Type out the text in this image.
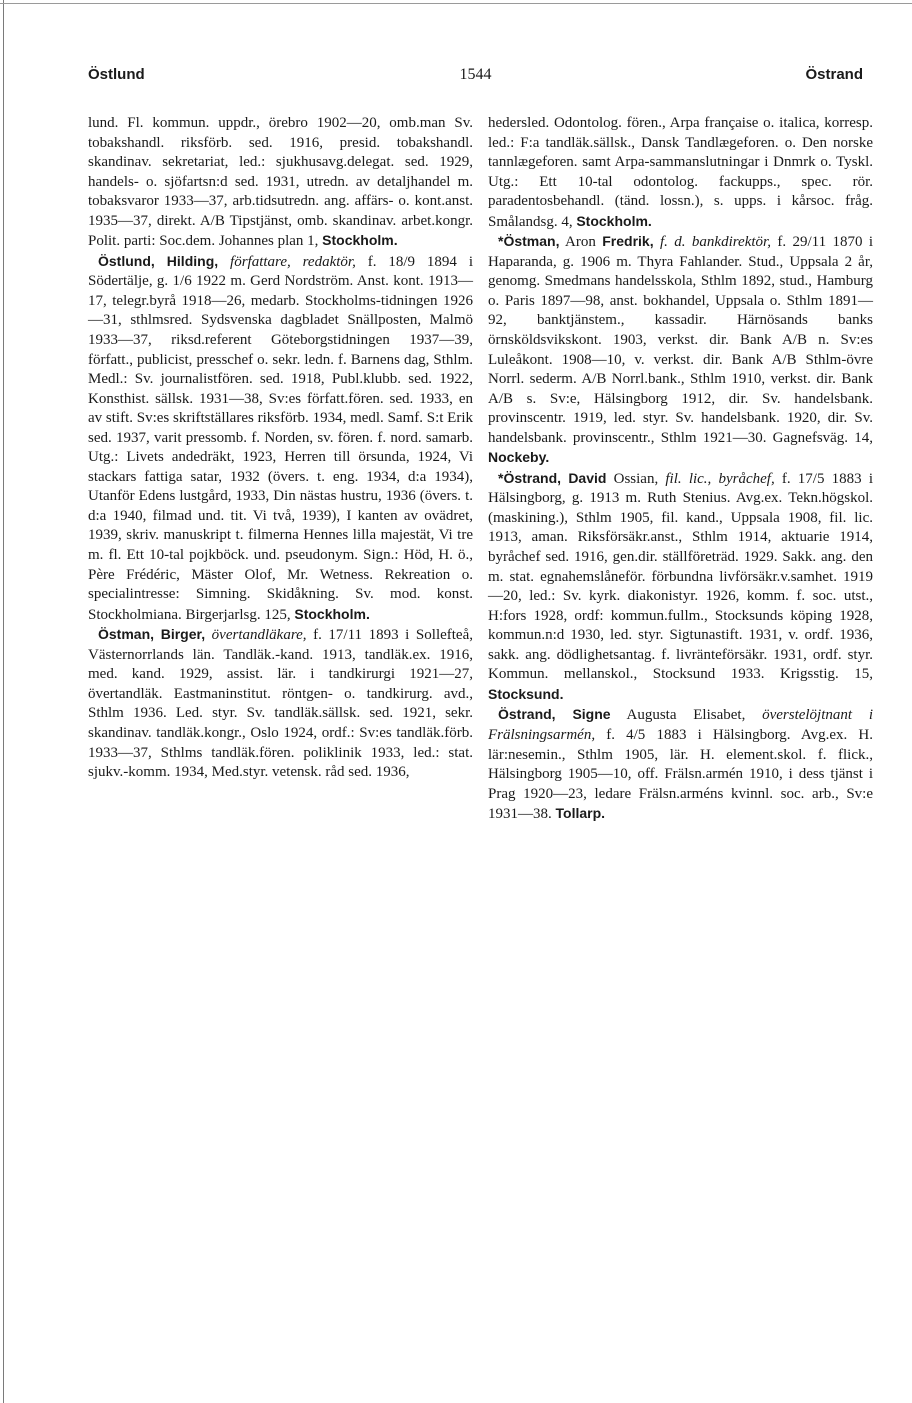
Östlund	1544	Östrand

lund. Fl. kommun. uppdr., örebro 1902—20, omb.man Sv. tobakshandl. riksförb. sed. 1916, presid. tobakshandl. skandinav. sekretariat, led.: sjukhusavg.delegat. sed. 1929, handels- o. sjöfartsn:d sed. 1931, utredn. av detaljhandel m. tobaksvaror 1933—37, arb.tidsutredn. ang. affärs- o. kont.anst. 1935—37, direkt. A/B Tipstjänst, omb. skandinav. arbet.kongr. Polit. parti: Soc.dem. Johannes plan 1, Stockholm.

Östlund, Hilding, författare, redaktör, f. 18/9 1894 i Södertälje, g. 1/6 1922 m. Gerd Nordström. Anst. kont. 1913—17, telegr.byrå 1918—26, medarb. Stockholms-tidningen 1926—31, sthlmsred. Sydsvenska dagbladet Snällposten, Malmö 1933—37, riksd.referent Göteborgstidningen 1937—39, författ., publicist, presschef o. sekr. ledn. f. Barnens dag, Sthlm. Medl.: Sv. journalistfören. sed. 1918, Publ.klubb. sed. 1922, Konsthist. sällsk. 1931—38, Sv:es författ.fören. sed. 1933, en av stift. Sv:es skriftställares riksförb. 1934, medl. Samf. S:t Erik sed. 1937, varit pressomb. f. Norden, sv. fören. f. nord. samarb. Utg.: Livets andedräkt, 1923, Herren till örsunda, 1924, Vi stackars fattiga satar, 1932 (övers. t. eng. 1934, d:a 1934), Utanför Edens lustgård, 1933, Din nästas hustru, 1936 (övers. t. d:a 1940, filmad und. tit. Vi två, 1939), I kanten av ovädret, 1939, skriv. manuskript t. filmerna Hennes lilla majestät, Vi tre m. fl. Ett 10-tal pojkböck. und. pseudonym. Sign.: Höd, H. ö., Père Frédéric, Mäster Olof, Mr. Wetness. Rekreation o. specialintresse: Simning. Skidåkning. Sv. mod. konst. Stockholmiana. Birgerjarlsg. 125, Stockholm.

Östman, Birger, övertandläkare, f. 17/11 1893 i Sollefteå, Västernorrlands län. Tandläk.-kand. 1913, tandläk.ex. 1916, med. kand. 1929, assist. lär. i tandkirurgi 1921—27, övertandläk. Eastmaninstitut. röntgen- o. tandkirurg. avd., Sthlm 1936. Led. styr. Sv. tandläk.sällsk. sed. 1921, sekr. skandinav. tandläk.kongr., Oslo 1924, ordf.: Sv:es tandläk.förb. 1933—37, Sthlms tandläk.fören. poliklinik 1933, led.: stat. sjukv.-komm. 1934, Med.styr. vetensk. råd sed. 1936,

hedersled. Odontolog. fören., Arpa française o. italica, korresp. led.: F:a tandläk.sällsk., Dansk Tandlægeforen. o. Den norske tannlægeforen. samt Arpa-sammanslutningar i Dnmrk o. Tyskl. Utg.: Ett 10-tal odontolog. fackupps., spec. rör. paradentosbehandl. (tänd. lossn.), s. upps. i kårsoc. fråg. Smålandsg. 4, Stockholm.

*Östman, Aron Fredrik, f. d. bankdirektör, f. 29/11 1870 i Haparanda, g. 1906 m. Thyra Fahlander. Stud., Uppsala 2 år, genomg. Smedmans handelsskola, Sthlm 1892, stud., Hamburg o. Paris 1897—98, anst. bokhandel, Uppsala o. Sthlm 1891—92, banktjänstem., kassadir. Härnösands banks örnsköldsvikskont. 1903, verkst. dir. Bank A/B n. Sv:es Luleåkont. 1908—10, v. verkst. dir. Bank A/B Sthlm-övre Norrl. sederm. A/B Norrl.bank., Sthlm 1910, verkst. dir. Bank A/B s. Sv:e, Hälsingborg 1912, dir. Sv. handelsbank. provinscentr. 1919, led. styr. Sv. handelsbank. 1920, dir. Sv. handelsbank. provinscentr., Sthlm 1921—30. Gagnefsväg. 14, Nockeby.

*Östrand, David Ossian, fil. lic., byråchef, f. 17/5 1883 i Hälsingborg, g. 1913 m. Ruth Stenius. Avg.ex. Tekn.högskol. (maskining.), Sthlm 1905, fil. kand., Uppsala 1908, fil. lic. 1913, aman. Riksförsäkr.anst., Sthlm 1914, aktuarie 1914, byråchef sed. 1916, gen.dir. ställföreträd. 1929. Sakk. ang. den m. stat. egnahemslåneför. förbundna livförsäkr.v.samhet. 1919—20, led.: Sv. kyrk. diakonistyr. 1926, komm. f. soc. utst., H:fors 1928, ordf: kommun.fullm., Stocksunds köping 1928, kommun.n:d 1930, led. styr. Sigtunastift. 1931, v. ordf. 1936, sakk. ang. dödlighetsantag. f. livränteförsäkr. 1931, ordf. styr. Kommun. mellanskol., Stocksund 1933. Krigsstig. 15, Stocksund.

Östrand, Signe Augusta Elisabet, överstelöjtnant i Frälsningsarmén, f. 4/5 1883 i Hälsingborg. Avg.ex. H. lär:nesemin., Sthlm 1905, lär. H. element.skol. f. flick., Hälsingborg 1905—10, off. Frälsn.armén 1910, i dess tjänst i Prag 1920—23, ledare Frälsn.arméns kvinnl. soc. arb., Sv:e 1931—38. Tollarp.
